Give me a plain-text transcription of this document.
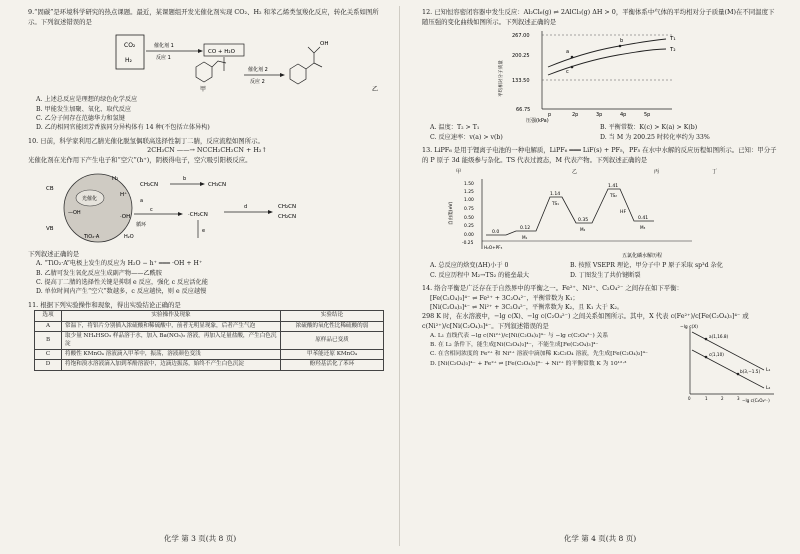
9.“固碳”是环境科学研究的热点课题。最近，某课题组开发光催化剂实现 CO₂、H₂ 和苯乙烯类氢羧化反应，转化关系如图所示。下列叙述错误的是

CO₂
H₂
催化剂 1
反应 1
CO + H₂O
催化剂 2
反应 2
甲
OH
乙

A. 上述总反应是理想的绿色化学反应

B. 甲能发生加聚、氧化、取代反应

C. 乙分子间存在范德华力和氢键

D. 乙的相同官能团芳香族同分异构体有 14 种(不包括立体异构)

10. 日前，科学家利用乙腈光催化脱氢偶联高选择性制丁二腈，反应流程如图所示。

2CH₃CN ——→ NCCH₂CH₂CN + H₂↑

光催化剂在光作用下产生电子和“空穴”(h⁺)，阴极得电子，空穴吸引阳极反应。

光催化
TiO₂·A
CB
VB
H₂
H⁺
·OH
—OH
循环
H₂O
c
·CH₂CN
CH₂CN
b
CH₃CN
a
d	CH₂CN
CH₂CN
e

下列叙述正确的是

A. “TiO₂·A”电极上发生的反应为 H₂O − h⁺ ═══ ·OH + H⁺

B. 乙腈可发生氧化反应生成副产物——乙酰胺

C. 提高丁二腈的选择性关键是抑制 e 反应，强化 c 反应活化能

D. 单位时间内产生“空穴”数越多，c 反应越快，则 e 反应越慢

11. 根据下列实验操作和现象，得出实验结论正确的是

选项	实验操作及现象	实验结论
A	常温下，将铝片分别插入浓硫酸和稀硫酸中，前者无明显现象，后者产生气泡	浓硫酸的氧化性比稀硫酸的弱
B	取少量 NH₄HSO₃ 样品溶于水，加入 Ba(NO₃)₂ 溶液，再加入足量盐酸，产生白色沉淀	原样品已变质
C	将酸性 KMnO₄ 溶液滴入甲苯中，振荡，溶液颜色变浅	甲苯能还原 KMnO₄
D	将饱和溴水溶液滴入加到苯酚溶液中，边滴边振荡，始终不产生白色沉淀	酚羟基活化了苯环
化学 第 3 页(共 8 页)

12. 已知恒容密闭容器中发生反应：Al₂Cl₆(g) ⇌ 2AlCl₃(g) ΔH > 0，平衡体系中气体的平均相对分子质量(M)在不同温度下随压强的变化曲线如图所示。下列叙述正确的是

267.00
200.25
133.50
66.75
p	2p	3p	4p	5p
压强(kPa)
平均相对分子质量
a
c
b	T₁
T₂

A. 温度：T₂ > T₁

C. 反应速率：v(a) > v(b)

B. 平衡常数：K(c) > K(a) > K(b)

D. 当 M 为 200.25 时转化率约为 33%

13. LiPF₆ 是用于锂离子电池的一种电解质，LiPF₆ ═══ LiF(s) + PF₅，PF₅ 在水中水解的反应历程如图所示。已知：甲分子的 P 原子 3d 能级参与杂化。TS 代表过渡态，M 代表产物。下列叙述正确的是

甲	乙	丙	丁
1.50
1.25
1.00
0.75
0.50
0.25
0.00
-0.25
自由能(eV)
0.0
0.12
1.14
0.35
1.41
0.41
H₂O+PF₅
M₁
TS₁
M₂
TS₂
M₃
HF
五氯化磷水解历程

A. 总反应的焓变(ΔH)小于 0

C. 反应历程中 M₂→TS₂ 的能垒最大

B. 按照 VSEPR 理论，甲分子中 P 原子采取 sp³d 杂化

D. 丁图发生了共价键断裂

14. 络合平衡是广泛存在于自然界中的平衡之一。Fe²⁺、Ni²⁺、C₂O₄²⁻ 之间存在如下平衡：

[Fe(C₂O₄)₃]⁴⁻ ⇌ Fe²⁺ + 3C₂O₄²⁻，平衡常数为 K₁；

[Ni(C₂O₄)₃]⁴⁻ ⇌ Ni²⁺ + 3C₂O₄²⁻，平衡常数为 K₂，且 K₁ 大于 K₂。

298 K 时，在水溶液中，−lg c(X)、−lg c(C₂O₄²⁻) 之间关系如图所示。其中，X 代表 c(Fe²⁺)/c[Fe(C₂O₄)₃]⁴⁻ 或

c(Ni²⁺)/c[Ni(C₂O₄)₃]⁴⁻。下列叙述错误的是

A. L₁ 直线代表 −lg c(Ni²⁺)/c[Ni(C₂O₄)₃]⁴⁻ 与 −lg c(C₂O₄²⁻) 关系

B. 在 L₂ 条件下，能生成[Ni(C₂O₄)₃]⁴⁻，不能生成[Fe(C₂O₄)₃]⁴⁻

C. 在含相同浓度的 Fe²⁺ 和 Ni²⁺ 溶液中滴加稀 K₂C₂O₄ 溶液，先生成[Fe(C₂O₄)₃]⁴⁻

D. [Ni(C₂O₄)₃]⁴⁻ + Fe²⁺ ⇌ [Fe(C₂O₄)₃]⁴⁻ + Ni²⁺ 的平衡常数 K 为 10¹²·³

−lg c(X)
−lg c(C₂O₄²⁻)
a(1,16.8)
c(1,10)
b(3,−1.5) L₁
L₂
0	1	2	3
化学 第 4 页(共 8 页)
